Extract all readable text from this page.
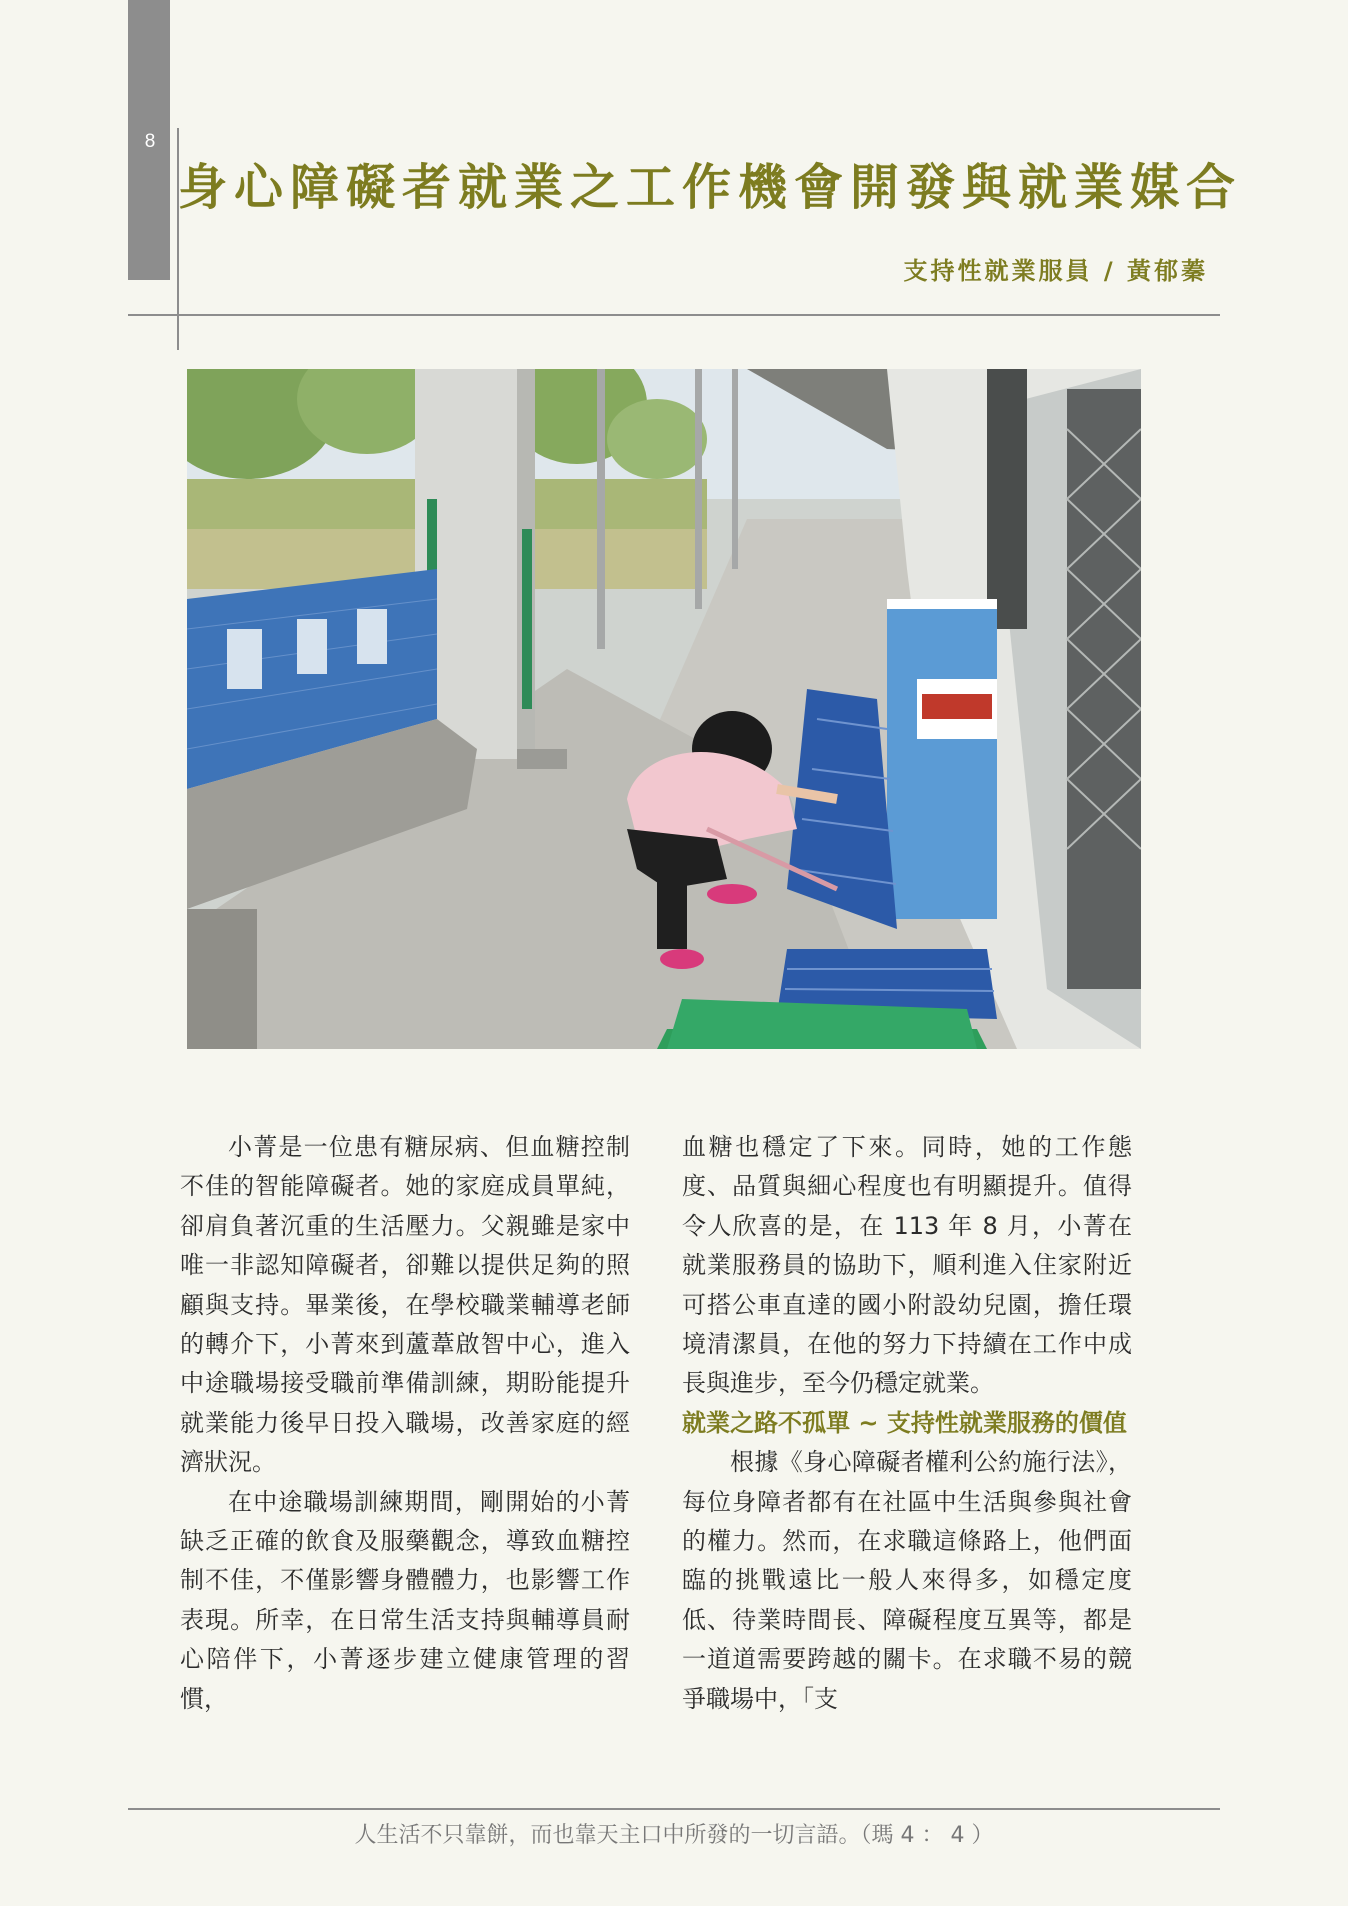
8
身心障礙者就業之工作機會開發與就業媒合
支持性就業服員 / 黃郁蓁

小菁是一位患有糖尿病、但血糖控制不佳的智能障礙者。她的家庭成員單純，卻肩負著沉重的生活壓力。父親雖是家中唯一非認知障礙者，卻難以提供足夠的照顧與支持。畢業後，在學校職業輔導老師的轉介下，小菁來到蘆葦啟智中心，進入中途職場接受職前準備訓練，期盼能提升就業能力後早日投入職場，改善家庭的經濟狀況。

在中途職場訓練期間，剛開始的小菁缺乏正確的飲食及服藥觀念，導致血糖控制不佳，不僅影響身體體力，也影響工作表現。所幸，在日常生活支持與輔導員耐心陪伴下，小菁逐步建立健康管理的習慣，

血糖也穩定了下來。同時，她的工作態度、品質與細心程度也有明顯提升。值得令人欣喜的是，在 113 年 8 月，小菁在就業服務員的協助下，順利進入住家附近可搭公車直達的國小附設幼兒園，擔任環境清潔員，在他的努力下持續在工作中成長與進步，至今仍穩定就業。

就業之路不孤單 ~ 支持性就業服務的價值

根據《身心障礙者權利公約施行法》，每位身障者都有在社區中生活與參與社會的權力。然而，在求職這條路上，他們面臨的挑戰遠比一般人來得多，如穩定度低、待業時間長、障礙程度互異等，都是一道道需要跨越的關卡。在求職不易的競爭職場中，「支

人生活不只靠餅，而也靠天主口中所發的一切言語。（瑪 4 ： 4 ）
